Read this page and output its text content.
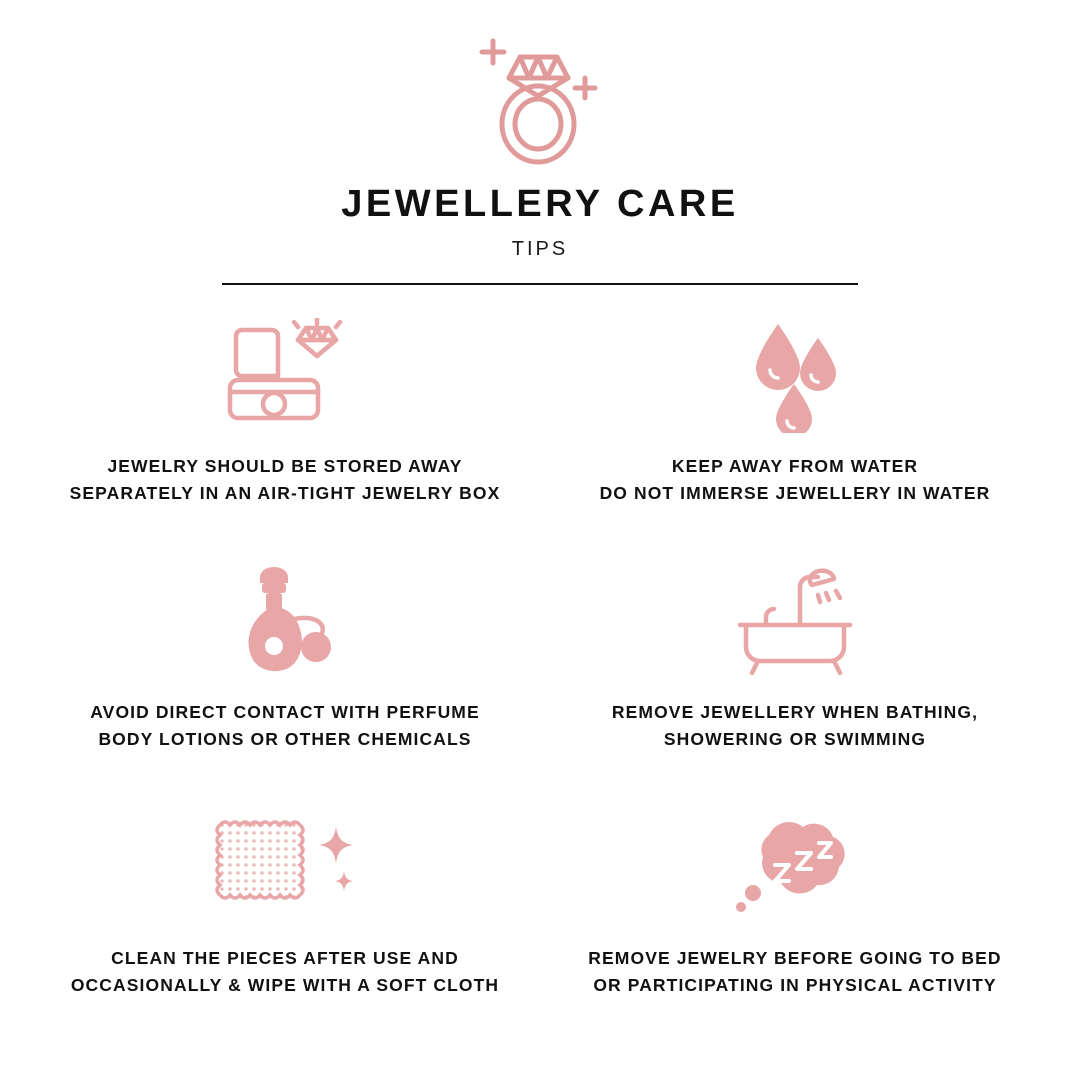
JEWELLERY CARE
TIPS
JEWELRY SHOULD BE STORED AWAY
SEPARATELY IN AN AIR-TIGHT JEWELRY BOX
KEEP AWAY FROM WATER
DO NOT IMMERSE JEWELLERY IN WATER
AVOID DIRECT CONTACT WITH PERFUME
BODY LOTIONS OR OTHER CHEMICALS
REMOVE JEWELLERY WHEN BATHING,
SHOWERING OR SWIMMING
CLEAN THE PIECES AFTER USE AND
OCCASIONALLY & WIPE WITH A SOFT CLOTH
REMOVE JEWELRY BEFORE GOING TO BED
OR PARTICIPATING IN PHYSICAL ACTIVITY
